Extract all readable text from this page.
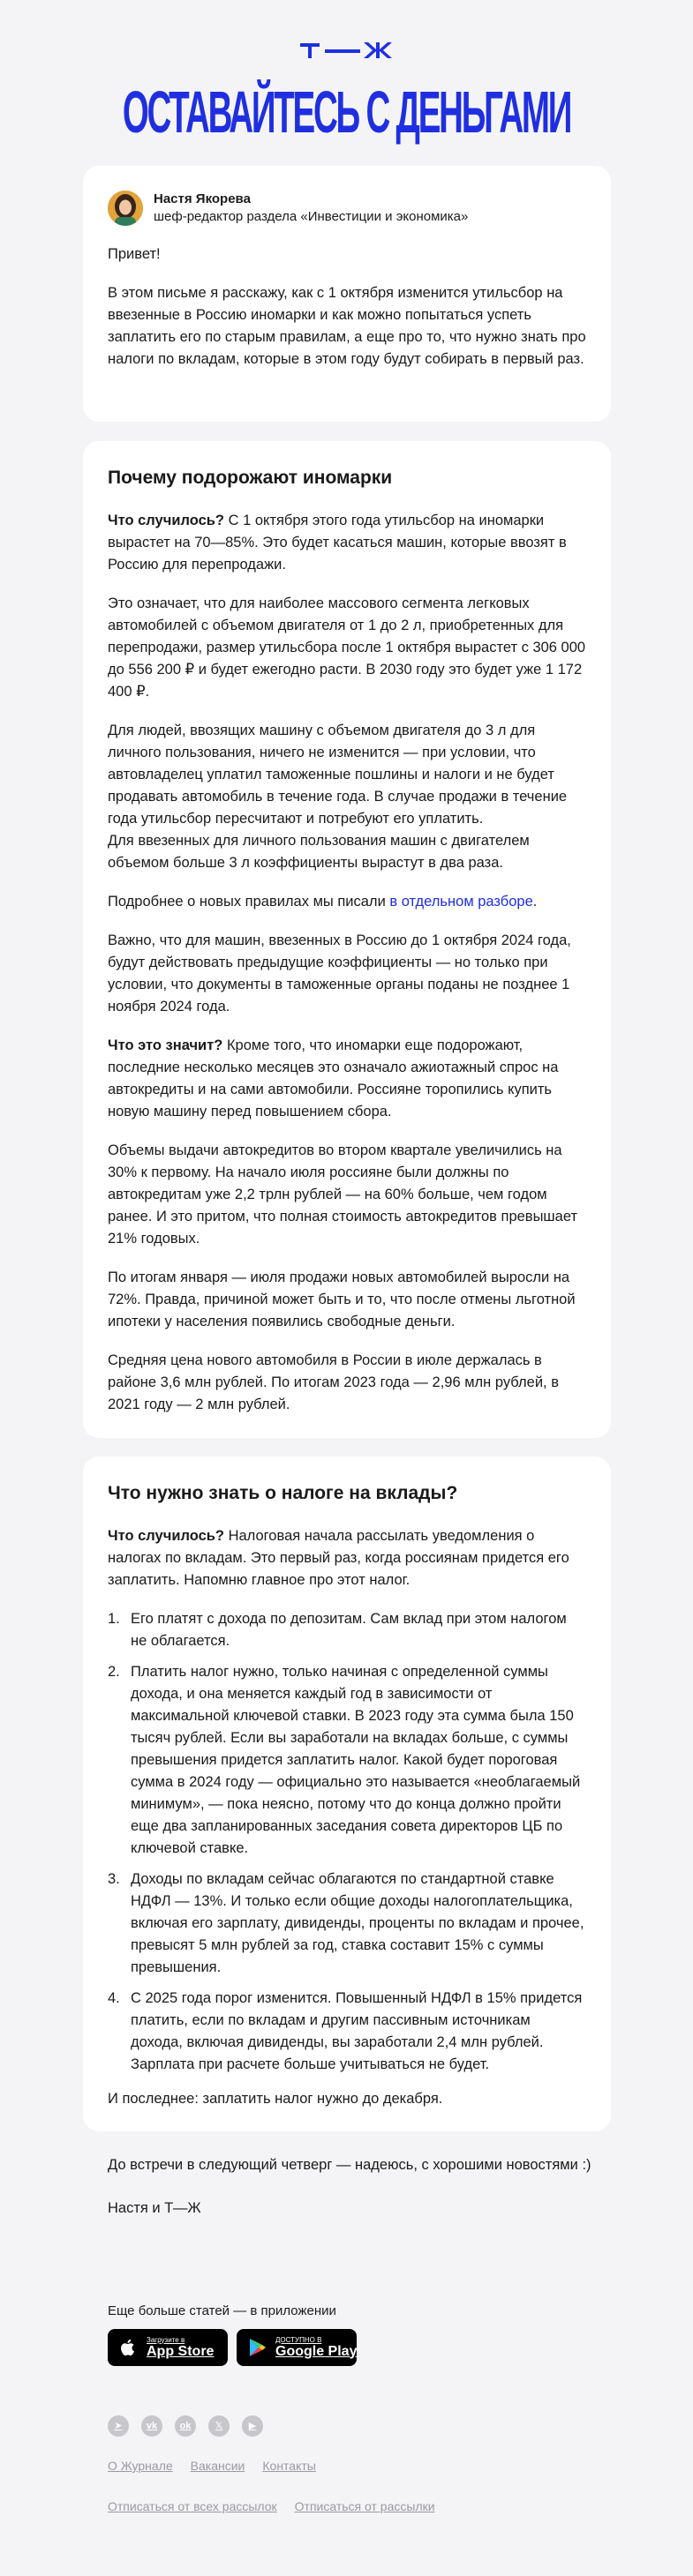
ОСТАВАЙТЕСЬ С ДЕНЬГАМИ
Настя Якорева
шеф-редактор раздела «Инвестиции и экономика»

Привет!

В этом письме я расскажу, как с 1 октября изменится утильсбор на ввезенные в Россию иномарки и как можно попытаться успеть заплатить его по старым правилам, а еще про то, что нужно знать про налоги по вкладам, которые в этом году будут собирать в первый раз.

Почему подорожают иномарки

Что случилось? С 1 октября этого года утильсбор на иномарки вырастет на 70—85%. Это будет касаться машин, которые ввозят в Россию для перепродажи.

Это означает, что для наиболее массового сегмента легковых автомобилей с объемом двигателя от 1 до 2 л, приобретенных для перепродажи, размер утильсбора после 1 октября вырастет с 306 000 до 556 200 ₽ и будет ежегодно расти. В 2030 году это будет уже 1 172 400 ₽.

Для людей, ввозящих машину с объемом двигателя до 3 л для личного пользования, ничего не изменится — при условии, что автовладелец уплатил таможенные пошлины и налоги и не будет продавать автомобиль в течение года. В случае продажи в течение года утильсбор пересчитают и потребуют его уплатить.
Для ввезенных для личного пользования машин с двигателем объемом больше 3 л коэффициенты вырастут в два раза.

Подробнее о новых правилах мы писали в отдельном разборе.

Важно, что для машин, ввезенных в Россию до 1 октября 2024 года, будут действовать предыдущие коэффициенты — но только при условии, что документы в таможенные органы поданы не позднее 1 ноября 2024 года.

Что это значит? Кроме того, что иномарки еще подорожают, последние несколько месяцев это означало ажиотажный спрос на автокредиты и на сами автомобили. Россияне торопились купить новую машину перед повышением сбора.

Объемы выдачи автокредитов во втором квартале увеличились на 30% к первому. На начало июля россияне были должны по автокредитам уже 2,2 трлн рублей — на 60% больше, чем годом ранее. И это притом, что полная стоимость автокредитов превышает 21% годовых.

По итогам января — июля продажи новых автомобилей выросли на 72%. Правда, причиной может быть и то, что после отмены льготной ипотеки у населения появились свободные деньги.

Средняя цена нового автомобиля в России в июле держалась в районе 3,6 млн рублей. По итогам 2023 года — 2,96 млн рублей, в 2021 году — 2 млн рублей.

Что нужно знать о налоге на вклады?

Что случилось? Налоговая начала рассылать уведомления о налогах по вкладам. Это первый раз, когда россиянам придется его заплатить. Напомню главное про этот налог.

1. Его платят с дохода по депозитам. Сам вклад при этом налогом не облагается.
2. Платить налог нужно, только начиная с определенной суммы дохода, и она меняется каждый год в зависимости от максимальной ключевой ставки. В 2023 году эта сумма была 150 тысяч рублей. Если вы заработали на вкладах больше, с суммы превышения придется заплатить налог. Какой будет пороговая сумма в 2024 году — официально это называется «необлагаемый минимум», — пока неясно, потому что до конца должно пройти еще два запланированных заседания совета директоров ЦБ по ключевой ставке.
3. Доходы по вкладам сейчас облагаются по стандартной ставке НДФЛ — 13%. И только если общие доходы налогоплательщика, включая его зарплату, дивиденды, проценты по вкладам и прочее, превысят 5 млн рублей за год, ставка составит 15% с суммы превышения.
4. С 2025 года порог изменится. Повышенный НДФЛ в 15% придется платить, если по вкладам и другим пассивным источникам дохода, включая дивиденды, вы заработали 2,4 млн рублей. Зарплата при расчете больше учитываться не будет.

И последнее: заплатить налог нужно до декабря.

До встречи в следующий четверг — надеюсь, с хорошими новостями :)

Настя и Т—Ж

Еще больше статей — в приложении
Загрузите в
App Store
ДОСТУПНО В
Google Play
➤	vk	ok	𝕏	▶
О Журнале Вакансии Контакты
Отписаться от всех рассылок Отписаться от рассылки
